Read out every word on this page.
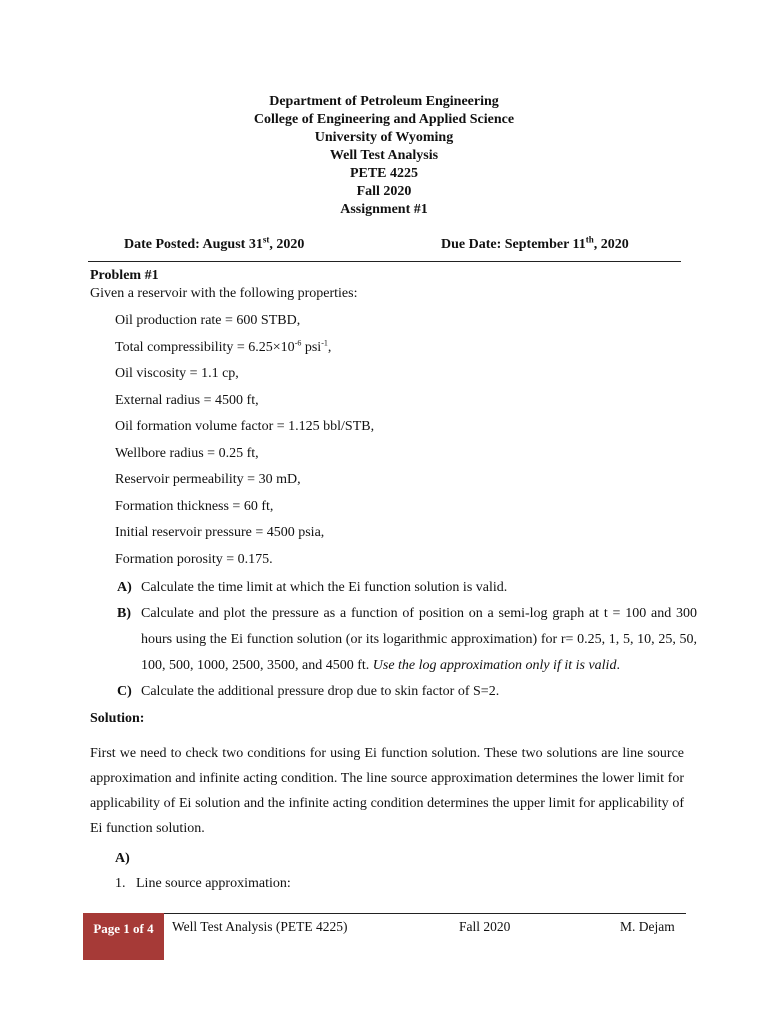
Department of Petroleum Engineering
College of Engineering and Applied Science
University of Wyoming
Well Test Analysis
PETE 4225
Fall 2020
Assignment #1
Date Posted: August 31st, 2020	Due Date: September 11th, 2020
Problem #1
Given a reservoir with the following properties:
Oil production rate = 600 STBD,
Total compressibility = $6.25\times 10^{-6}$ psi$^{-1}$,
Oil viscosity = 1.1 cp,
External radius = 4500 ft,
Oil formation volume factor = 1.125 bbl/STB,
Wellbore radius = 0.25 ft,
Reservoir permeability = 30 mD,
Formation thickness = 60 ft,
Initial reservoir pressure = 4500 psia,
Formation porosity = 0.175.
A) Calculate the time limit at which the Ei function solution is valid.
B) Calculate and plot the pressure as a function of position on a semi-log graph at t = 100 and 300 hours using the Ei function solution (or its logarithmic approximation) for r= 0.25, 1, 5, 10, 25, 50, 100, 500, 1000, 2500, 3500, and 4500 ft. Use the log approximation only if it is valid.
C) Calculate the additional pressure drop due to skin factor of S=2.
Solution:
First we need to check two conditions for using Ei function solution. These two solutions are line source approximation and infinite acting condition. The line source approximation determines the lower limit for applicability of Ei solution and the infinite acting condition determines the upper limit for applicability of Ei function solution.
A)
1.   Line source approximation:
Page 1 of 4	Well Test Analysis (PETE 4225)	Fall 2020	M. Dejam
